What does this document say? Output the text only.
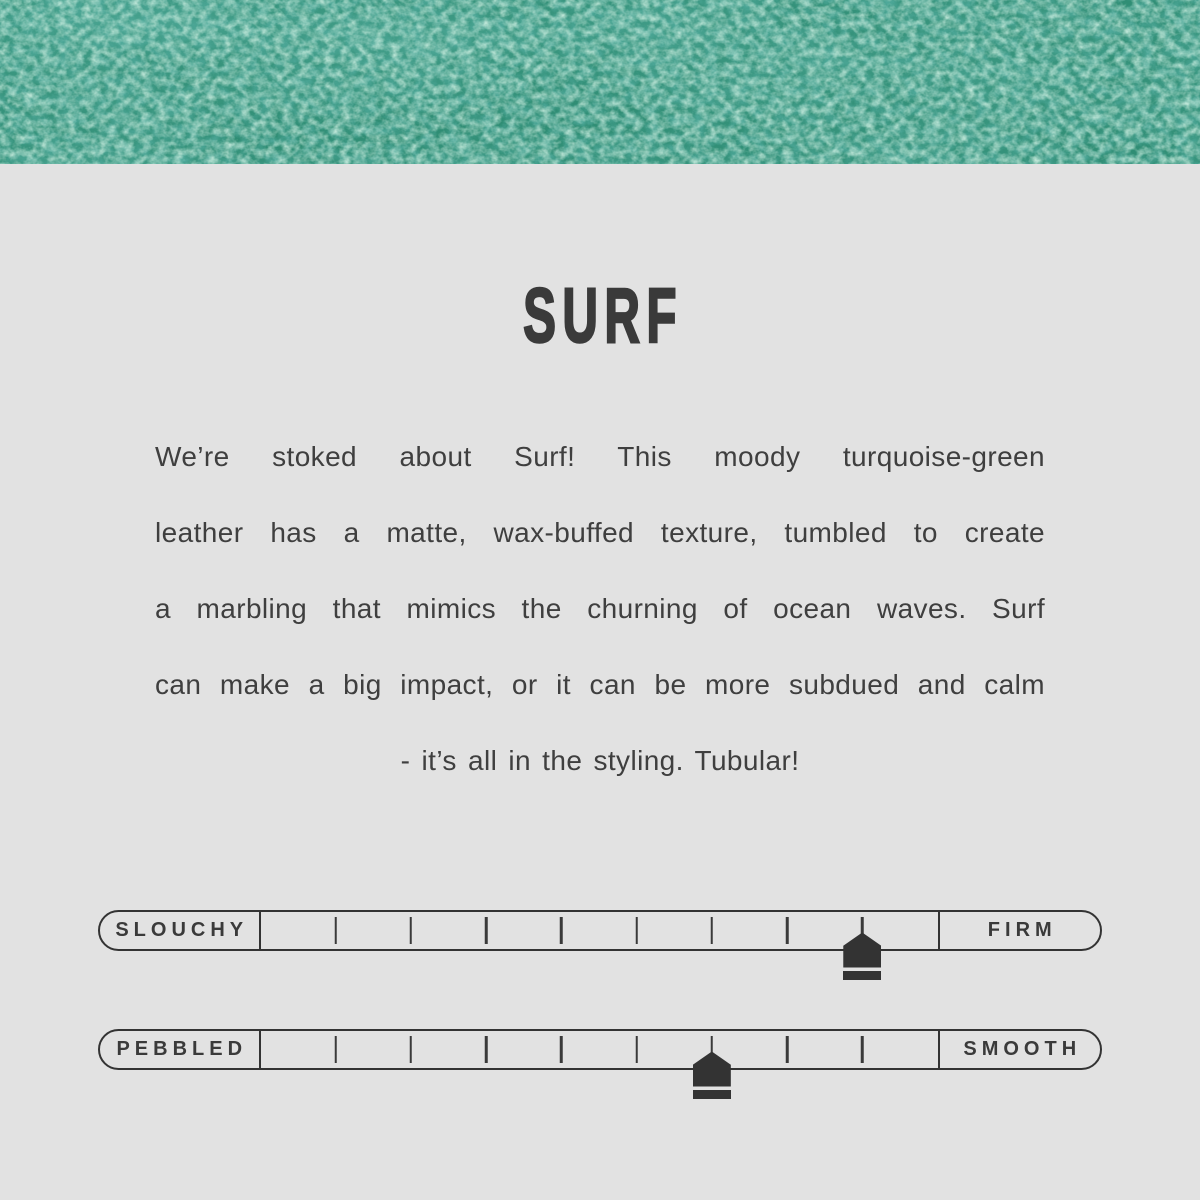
SURF
We’re stoked about Surf! This moody turquoise-green
leather has a matte, wax-buffed texture, tumbled to create
a marbling that mimics the churning of ocean waves. Surf
can make a big impact, or it can be more subdued and calm
- it’s all in the styling. Tubular!
SLOUCHY	FIRM
PEBBLED	SMOOTH
